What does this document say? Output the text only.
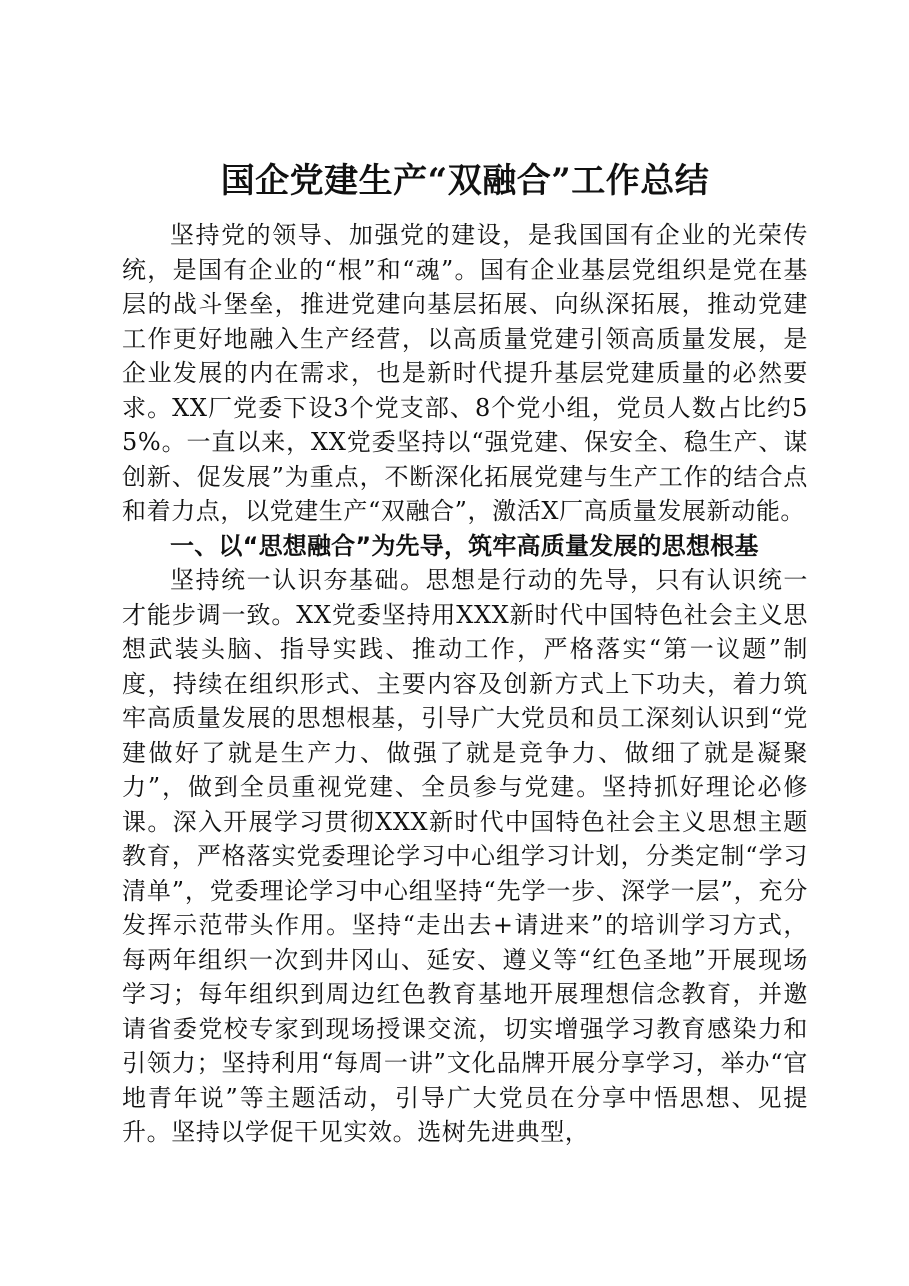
国企党建生产“双融合”工作总结

坚持党的领导、加强党的建设，是我国国有企业的光荣传统，是国有企业的“根”和“魂”。国有企业基层党组织是党在基层的战斗堡垒，推进党建向基层拓展、向纵深拓展，推动党建工作更好地融入生产经营，以高质量党建引领高质量发展，是企业发展的内在需求，也是新时代提升基层党建质量的必然要求。XX厂党委下设3个党支部、8个党小组，党员人数占比约55%。一直以来，XX党委坚持以“强党建、保安全、稳生产、谋创新、促发展”为重点，不断深化拓展党建与生产工作的结合点和着力点，以党建生产“双融合”，激活X厂高质量发展新动能。

一、以“思想融合”为先导，筑牢高质量发展的思想根基

坚持统一认识夯基础。思想是行动的先导，只有认识统一才能步调一致。XX党委坚持用XXX新时代中国特色社会主义思想武装头脑、指导实践、推动工作，严格落实“第一议题”制度，持续在组织形式、主要内容及创新方式上下功夫，着力筑牢高质量发展的思想根基，引导广大党员和员工深刻认识到“党建做好了就是生产力、做强了就是竞争力、做细了就是凝聚力”，做到全员重视党建、全员参与党建。坚持抓好理论必修课。深入开展学习贯彻XXX新时代中国特色社会主义思想主题教育，严格落实党委理论学习中心组学习计划，分类定制“学习清单”，党委理论学习中心组坚持“先学一步、深学一层”，充分发挥示范带头作用。坚持“走出去+请进来”的培训学习方式，每两年组织一次到井冈山、延安、遵义等“红色圣地”开展现场学习；每年组织到周边红色教育基地开展理想信念教育，并邀请省委党校专家到现场授课交流，切实增强学习教育感染力和引领力；坚持利用“每周一讲”文化品牌开展分享学习，举办“官地青年说”等主题活动，引导广大党员在分享中悟思想、见提升。坚持以学促干见实效。选树先进典型，
